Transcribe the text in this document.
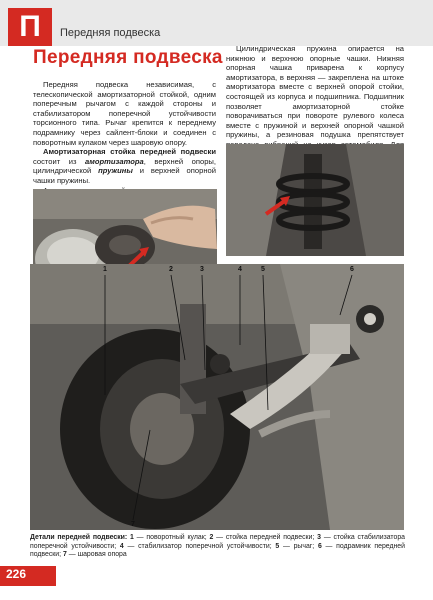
П	Передняя подвеска
Передняя подвеска

Передняя подвеска независимая, с телескопической амортизаторной стойкой, одним поперечным рычагом с каждой стороны и стабилизатором поперечной устойчивости торсионного типа. Рычаг крепится к переднему подрамнику через сайлент-блоки и соединен с поворотным кулаком через шаровую опору.

Амортизаторная стойка передней подвески состоит из амортизатора, верхней опоры, цилиндрической пружины и верхней опорной чашки пружины.

Цилиндрическая пружина опирается на нижнюю и верхнюю опорные чашки. Нижняя опорная чашка приварена к корпусу амортизатора, в верхняя — закреплена на штоке амортизатора вместе с верхней опорой стойки, состоящей из корпуса и подшипника. Подшипник позволяет амортизаторной стойке поворачиваться при повороте рулевого колеса вместе с пружиной и верхней опорной чашкой пружины, а резиновая подушка препятствует

1	2	3	4	5	6
7
Детали передней подвески: 1 — поворотный кулак; 2 — стойка передней подвески; 3 — стойка стабилизатора поперечной устойчивости; 4 — стабилизатор поперечной устойчивости; 5 — рычаг; 6 — подрамник передней подвески; 7 — шаровая опора
226
